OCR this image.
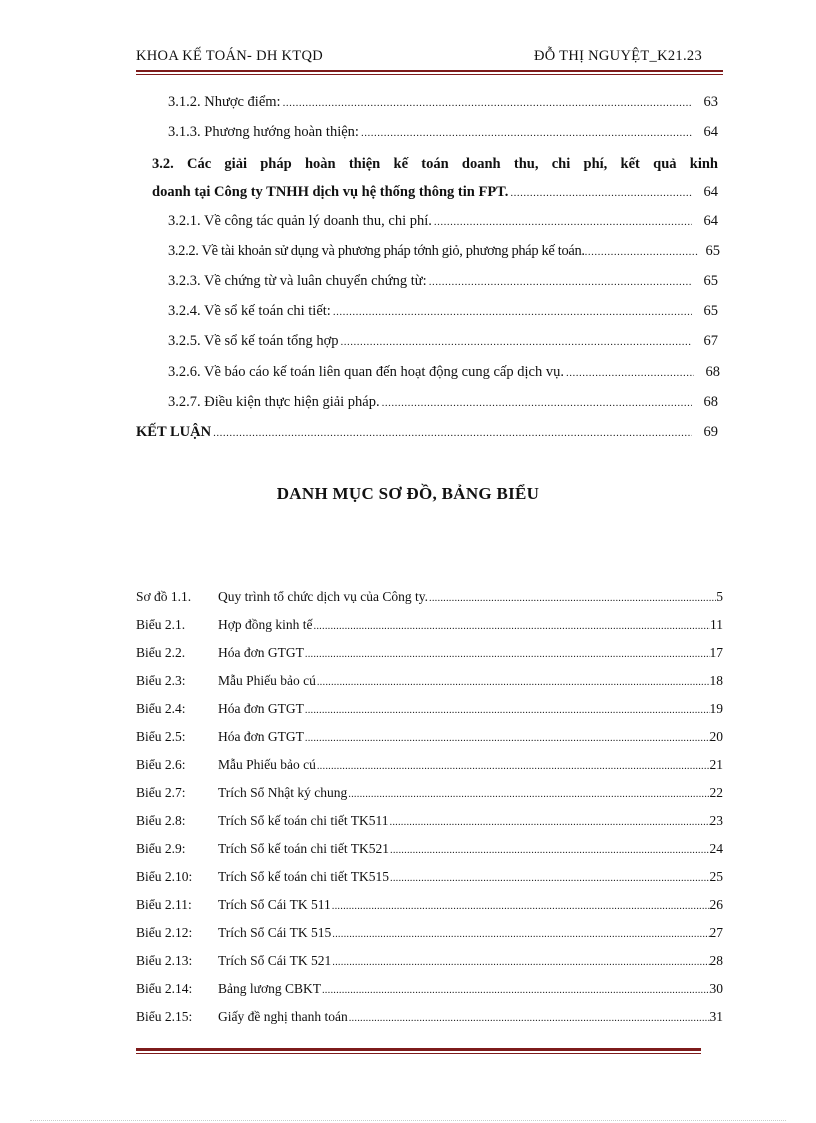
KHOA KẾ TOÁN- DH KTQD	ĐỖ THỊ NGUYỆT_K21.23
3.1.2. Nhược điểm: .....	63
3.1.3. Phương hướng hoàn thiện: .....	64
3.2. Các giải pháp hoàn thiện kế toán doanh thu, chi phí, kết quả kinh
doanh tại Công ty TNHH dịch vụ hệ thống thông tin FPT. .....	64
3.2.1. Về công tác quản lý doanh thu, chi phí. .....	64
3.2.2. Về tài khoản sử dụng và phương pháp tớnh giỏ, phương pháp kế toán. .....	65
3.2.3. Về chứng từ và luân chuyển chứng từ: .....	65
3.2.4. Về sổ kế toán chi tiết: .....	65
3.2.5. Về sổ kế toán tổng hợp .....	67
3.2.6. Về báo cáo kế toán liên quan đến hoạt động cung cấp dịch vụ. .....	68
3.2.7. Điều kiện thực hiện giải pháp. .....	68
KẾT LUẬN .....	69
DANH MỤC SƠ ĐỒ, BẢNG BIỂU
Sơ đồ 1.1.	Quy trình tổ chức dịch vụ của Công ty. .....	5
Biểu 2.1.	Hợp đồng kinh tế .....	11
Biểu 2.2.	Hóa đơn GTGT .....	17
Biểu 2.3:	Mẫu Phiếu bảo cú .....	18
Biểu 2.4:	Hóa đơn GTGT .....	19
Biểu 2.5:	Hóa đơn GTGT .....	20
Biểu 2.6:	Mẫu Phiếu bảo cú .....	21
Biểu 2.7:	Trích Sổ Nhật ký chung .....	22
Biểu 2.8:	Trích Sổ kế toán chi tiết TK511 .....	23
Biểu 2.9:	Trích Sổ kế toán chi tiết TK521 .....	24
Biểu 2.10:	Trích Sổ kế toán chi tiết TK515 .....	25
Biểu 2.11:	Trích Sổ Cái TK 511 .....	26
Biểu 2.12:	Trích Sổ Cái TK 515 .....	27
Biểu 2.13:	Trích Sổ Cái TK 521 .....	28
Biểu 2.14:	Bảng lương CBKT .....	30
Biểu 2.15:	Giấy đề nghị thanh toán .....	31
